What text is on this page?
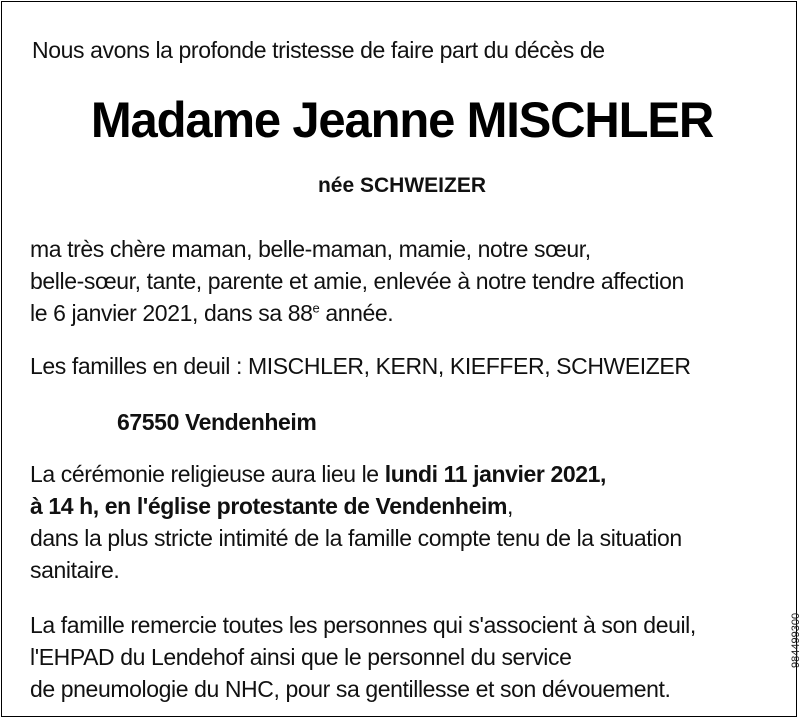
Nous avons la profonde tristesse de faire part du décès de
Madame Jeanne MISCHLER
née SCHWEIZER
ma très chère maman, belle-maman, mamie, notre sœur,
belle-sœur, tante, parente et amie, enlevée à notre tendre affection
le 6 janvier 2021, dans sa 88e année.
Les familles en deuil : MISCHLER, KERN, KIEFFER, SCHWEIZER
67550 Vendenheim
La cérémonie religieuse aura lieu le lundi 11 janvier 2021,
à 14 h, en l'église protestante de Vendenheim,
dans la plus stricte intimité de la famille compte tenu de la situation
sanitaire.
La famille remercie toutes les personnes qui s'associent à son deuil,
l'EHPAD du Lendehof ainsi que le personnel du service
de pneumologie du NHC, pour sa gentillesse et son dévouement.
984499300
